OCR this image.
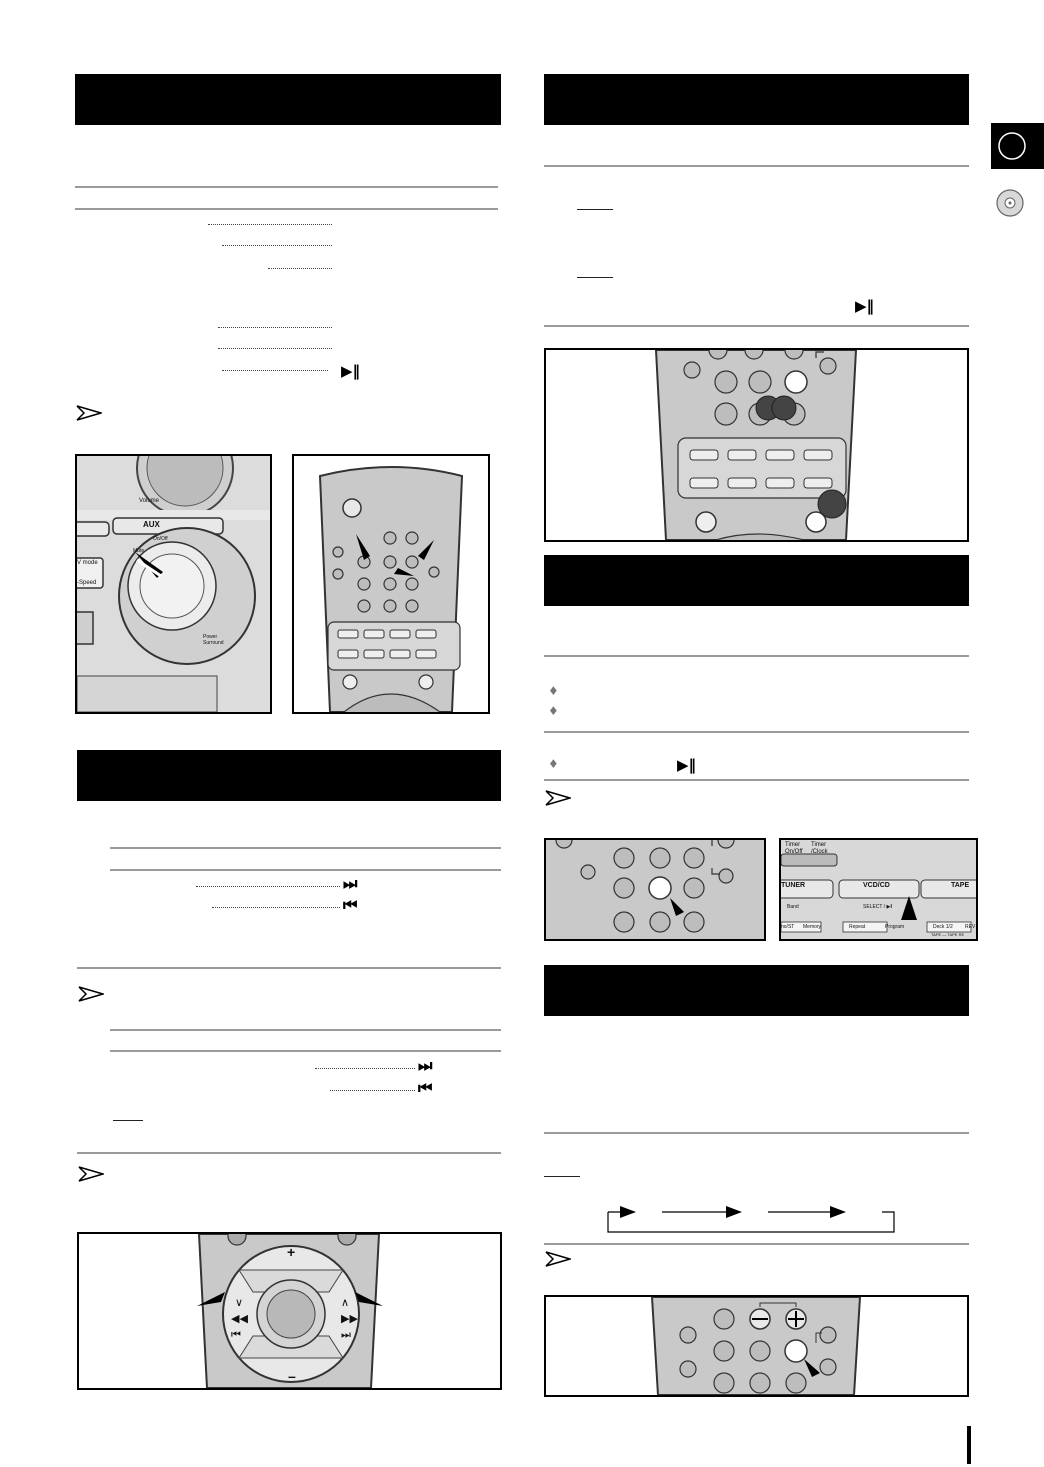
▶‖
Volume
AUX
V mode
-Speed
Mute
On/Off
Power Surround
⏭
⏮
⏭
⏮
+
–
∨	∧
◀◀
⏮
▶▶
⏭
▶‖
♦
♦
♦	▶‖
Timer On/Off
Timer /Clock
TUNER	VCD/CD	TAPE
Band	SELECT / ▶‖
no/ST Memory	Repeat	Program	Deck 1/2 REV
TAPE — TAPE RE
